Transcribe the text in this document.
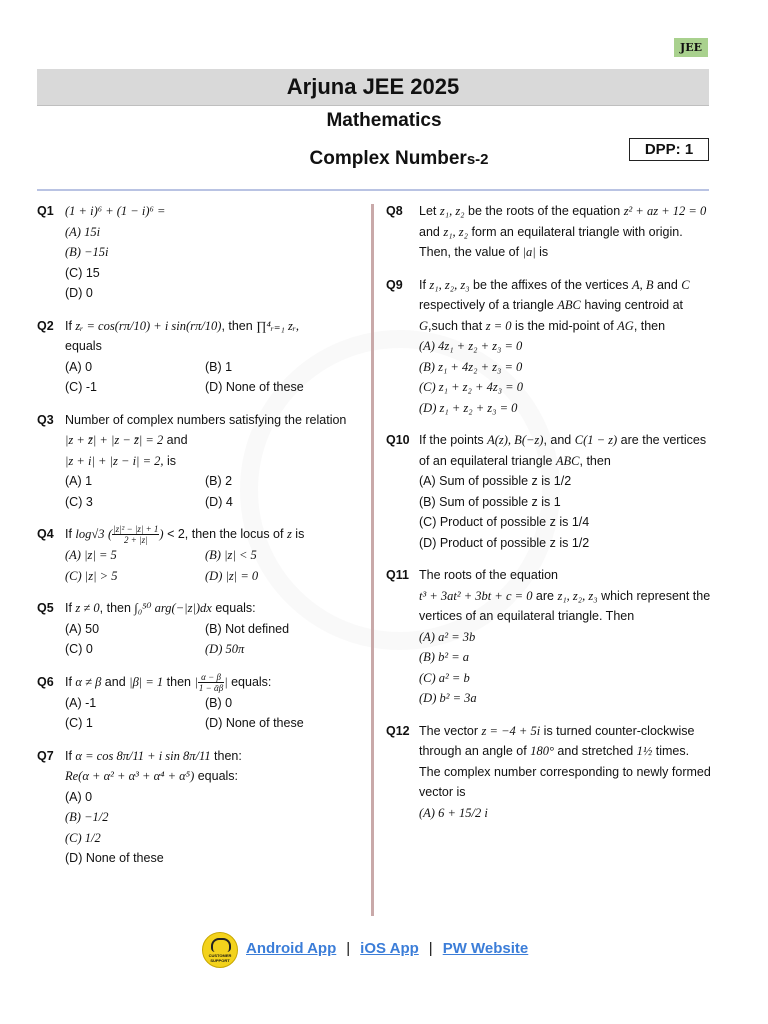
JEE
Arjuna JEE 2025
Mathematics
Complex Numbers-2
DPP: 1
Q1 (1 + i)⁶ + (1 − i)⁶ =
(A) 15i
(B) −15i
(C) 15
(D) 0
Q2 If zᵣ = cos(rπ/10) + i sin(rπ/10), then ∏⁴ᵣ₌₁ zᵣ,
equals
(A) 0	(B) 1
(C) -1	(D) None of these
Q3 Number of complex numbers satisfying the relation |z + z̄| + |z − z̄| = 2 and
|z + i| + |z − i| = 2, is
(A) 1	(B) 2
(C) 3	(D) 4
Q4 If log√3 ( $\frac{\text{|z|² − |z| + 1}}{2 + |z|}$ ) < 2, then the locus of z is
(A) |z| = 5	(B) |z| < 5
(C) |z| > 5	(D) |z| = 0
Q5 If z ≠ 0, then ∫₀⁵⁰ arg(−|z|)dx equals:
(A) 50	(B) Not defined
(C) 0	(D) 50π
Q6 If α ≠ β and |β| = 1 then | $\frac{\alpha - \beta}{\text{1 − ᾱβ}}$ | equals:
(A) -1	(B) 0
(C) 1	(D) None of these
Q7 If α = cos 8π/11 + i sin 8π/11 then:
Re(α + α² + α³ + α⁴ + α⁵) equals:
(A) 0
(B) −1/2
(C) 1/2
(D) None of these
Q8 Let z₁, z₂ be the roots of the equation z² + az + 12 = 0 and z₁, z₂ form an equilateral triangle with origin. Then, the value of |a| is
Q9 If z₁, z₂, z₃ be the affixes of the vertices A, B and C respectively of a triangle ABC having centroid at G,such that z = 0 is the mid-point of AG, then
(A) 4z₁ + z₂ + z₃ = 0
(B) z₁ + 4z₂ + z₃ = 0
(C) z₁ + z₂ + 4z₃ = 0
(D) z₁ + z₂ + z₃ = 0
Q10 If the points A(z), B(−z), and C(1 − z) are the vertices of an equilateral triangle ABC, then
(A) Sum of possible z is 1/2
(B) Sum of possible z is 1
(C) Product of possible z is 1/4
(D) Product of possible z is 1/2
Q11 The roots of the equation
t³ + 3at² + 3bt + c = 0 are z₁, z₂, z₃ which represent the vertices of an equilateral triangle. Then
(A) a² = 3b
(B) b² = a
(C) a² = b
(D) b² = 3a
Q12 The vector z = −4 + 5i is turned counter-clockwise through an angle of 180° and stretched 1½ times. The complex number corresponding to newly formed vector is
(A) 6 + 15/2 i
CUSTOMER SUPPORT
Android App | iOS App | PW Website
